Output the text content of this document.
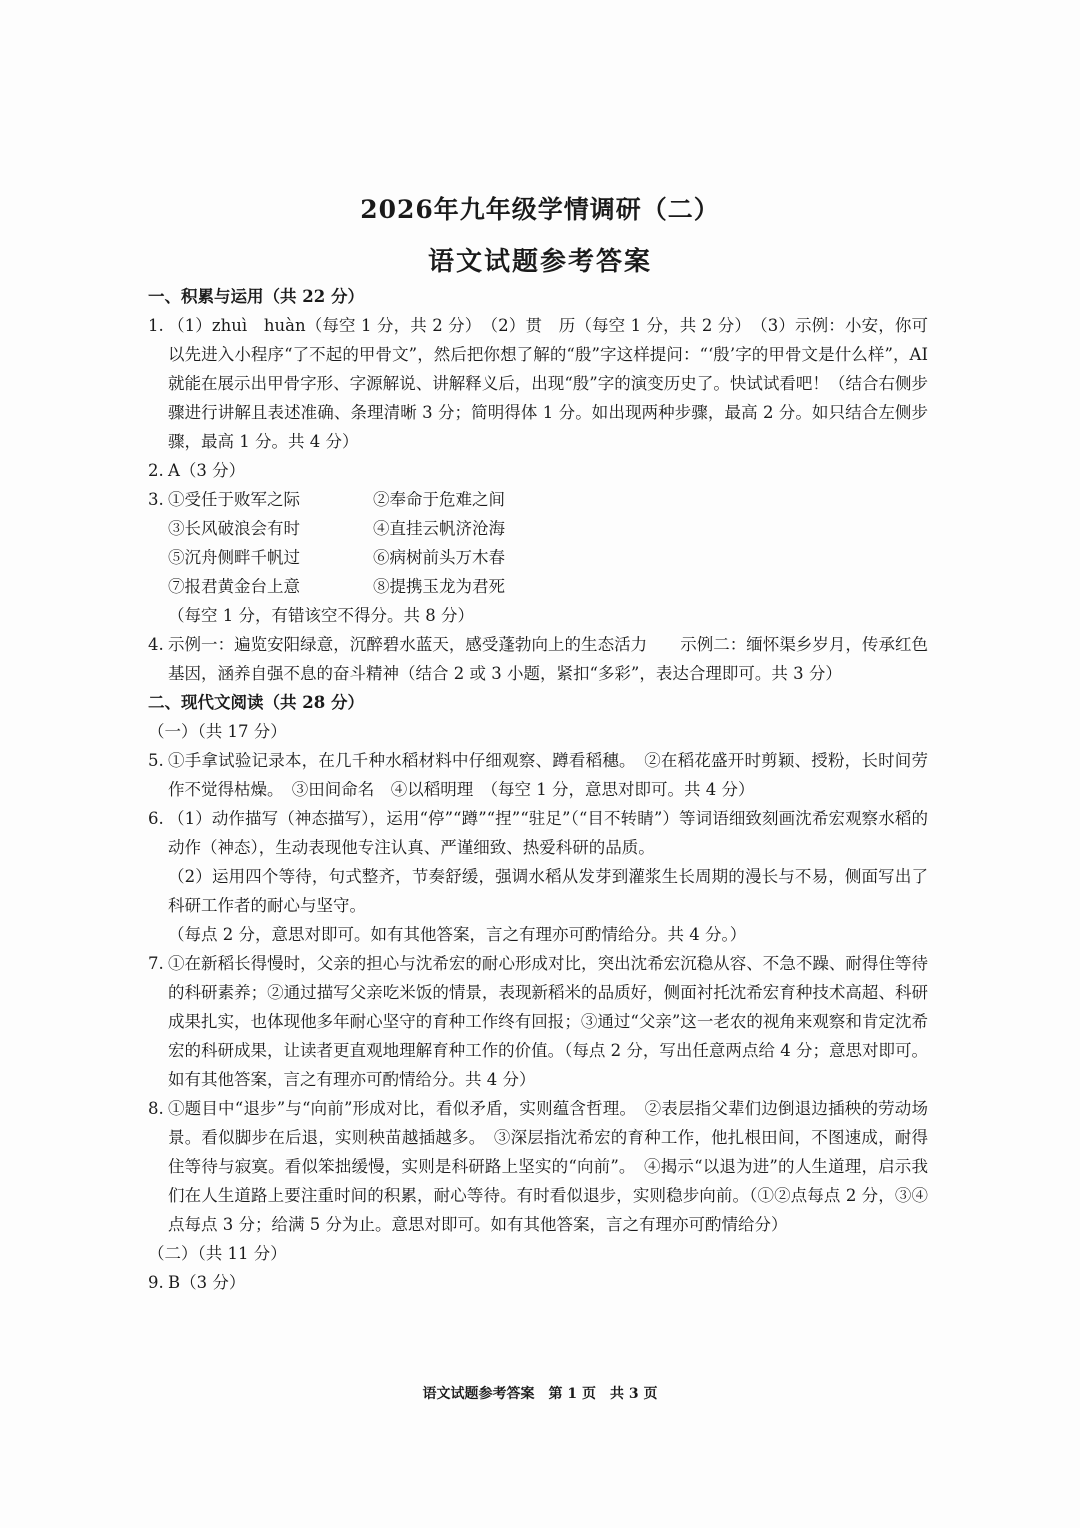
2026年九年级学情调研（二）
语文试题参考答案
一、积累与运用（共 22 分）
1. （1）zhuì　huàn（每空 1 分，共 2 分）　（2）贯　历（每空 1 分，共 2 分）　（3）示例：小安，你可以先进入小程序“了不起的甲骨文”，然后把你想了解的“殷”字这样提问：“‘殷’字的甲骨文是什么样”，AI 就能在展示出甲骨字形、字源解说、讲解释义后，出现“殷”字的演变历史了。快试试看吧！（结合右侧步骤进行讲解且表述准确、条理清晰 3 分；简明得体 1 分。如出现两种步骤，最高 2 分。如只结合左侧步骤，最高 1 分。共 4 分）
2. A（3 分）
3. ①受任于败军之际	②奉命于危难之间
③长风破浪会有时	④直挂云帆济沧海
⑤沉舟侧畔千帆过	⑥病树前头万木春
⑦报君黄金台上意	⑧提携玉龙为君死

（每空 1 分，有错该空不得分。共 8 分）

4. 示例一：遍览安阳绿意，沉醉碧水蓝天，感受蓬勃向上的生态活力　　示例二：缅怀渠乡岁月，传承红色基因，涵养自强不息的奋斗精神（结合 2 或 3 小题，紧扣“多彩”，表达合理即可。共 3 分）
二、现代文阅读（共 28 分）
（一）（共 17 分）
5. ①手拿试验记录本，在几千种水稻材料中仔细观察、蹲看稻穗。　②在稻花盛开时剪颖、授粉，长时间劳作不觉得枯燥。　③田间命名　④以稻明理　（每空 1 分，意思对即可。共 4 分）
6. （1）动作描写（神态描写），运用“停”“蹲”“捏”“驻足”（“目不转睛”）等词语细致刻画沈希宏观察水稻的动作（神态），生动表现他专注认真、严谨细致、热爱科研的品质。

（2）运用四个等待，句式整齐，节奏舒缓，强调水稻从发芽到灌浆生长周期的漫长与不易，侧面写出了科研工作者的耐心与坚守。

（每点 2 分，意思对即可。如有其他答案，言之有理亦可酌情给分。共 4 分。）

7. ①在新稻长得慢时，父亲的担心与沈希宏的耐心形成对比，突出沈希宏沉稳从容、不急不躁、耐得住等待的科研素养；②通过描写父亲吃米饭的情景，表现新稻米的品质好，侧面衬托沈希宏育种技术高超、科研成果扎实，也体现他多年耐心坚守的育种工作终有回报；③通过“父亲”这一老农的视角来观察和肯定沈希宏的科研成果，让读者更直观地理解育种工作的价值。（每点 2 分，写出任意两点给 4 分；意思对即可。如有其他答案，言之有理亦可酌情给分。共 4 分）
8. ①题目中“退步”与“向前”形成对比，看似矛盾，实则蕴含哲理。　②表层指父辈们边倒退边插秧的劳动场景。看似脚步在后退，实则秧苗越插越多。　③深层指沈希宏的育种工作，他扎根田间，不图速成，耐得住等待与寂寞。看似笨拙缓慢，实则是科研路上坚实的“向前”。　④揭示“以退为进”的人生道理，启示我们在人生道路上要注重时间的积累，耐心等待。有时看似退步，实则稳步向前。（①②点每点 2 分，③④点每点 3 分；给满 5 分为止。意思对即可。如有其他答案，言之有理亦可酌情给分）
（二）（共 11 分）
9. B（3 分）
语文试题参考答案　第 1 页　共 3 页
